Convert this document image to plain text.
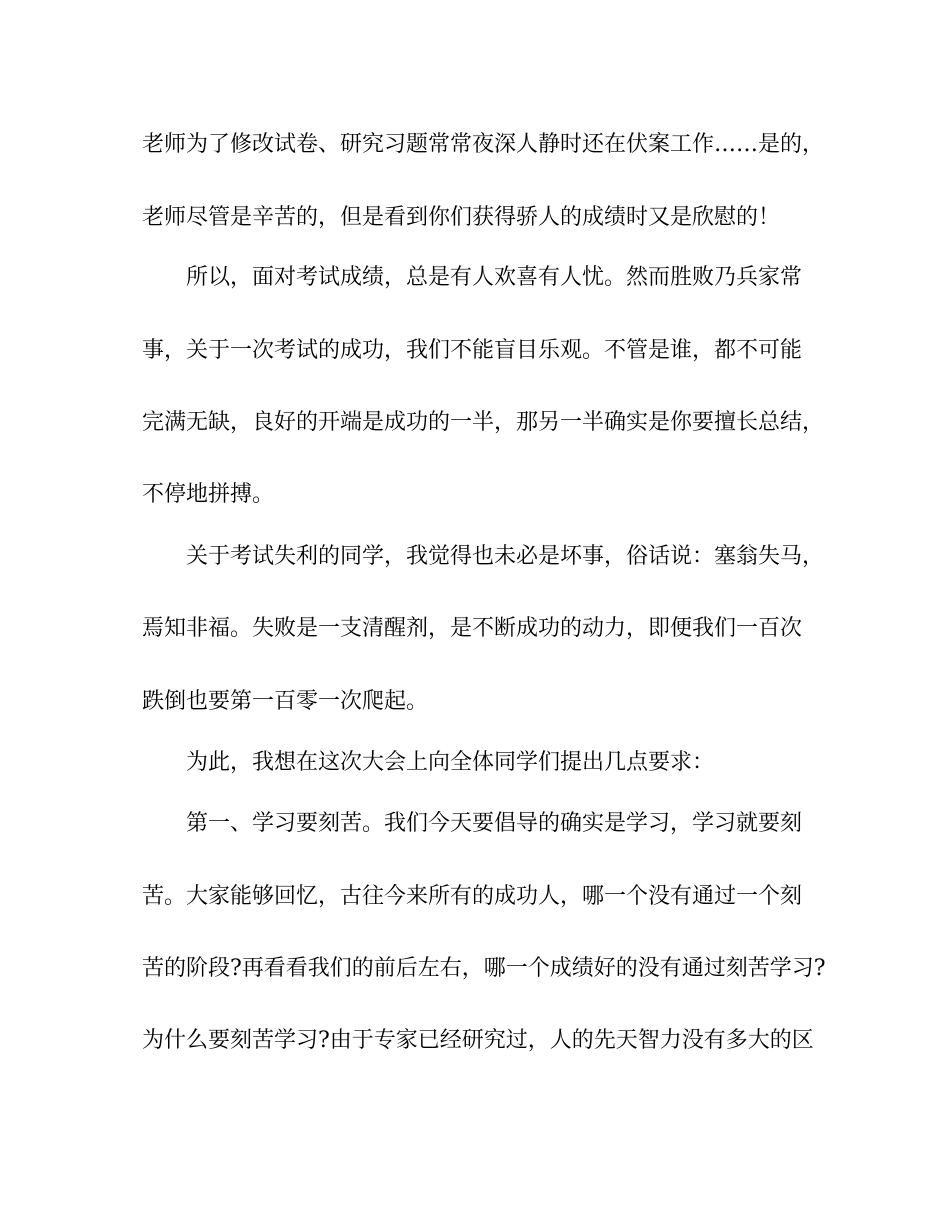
老师为了修改试卷、研究习题常常夜深人静时还在伏案工作……是的，
老师尽管是辛苦的，但是看到你们获得骄人的成绩时又是欣慰的！
所以，面对考试成绩，总是有人欢喜有人忧。然而胜败乃兵家常
事，关于一次考试的成功，我们不能盲目乐观。不管是谁，都不可能
完满无缺，良好的开端是成功的一半，那另一半确实是你要擅长总结，
不停地拼搏。
关于考试失利的同学，我觉得也未必是坏事，俗话说：塞翁失马，
焉知非福。失败是一支清醒剂，是不断成功的动力，即便我们一百次
跌倒也要第一百零一次爬起。
为此，我想在这次大会上向全体同学们提出几点要求：
第一、学习要刻苦。我们今天要倡导的确实是学习，学习就要刻
苦。大家能够回忆，古往今来所有的成功人，哪一个没有通过一个刻
苦的阶段?再看看我们的前后左右，哪一个成绩好的没有通过刻苦学习?
为什么要刻苦学习?由于专家已经研究过，人的先天智力没有多大的区
